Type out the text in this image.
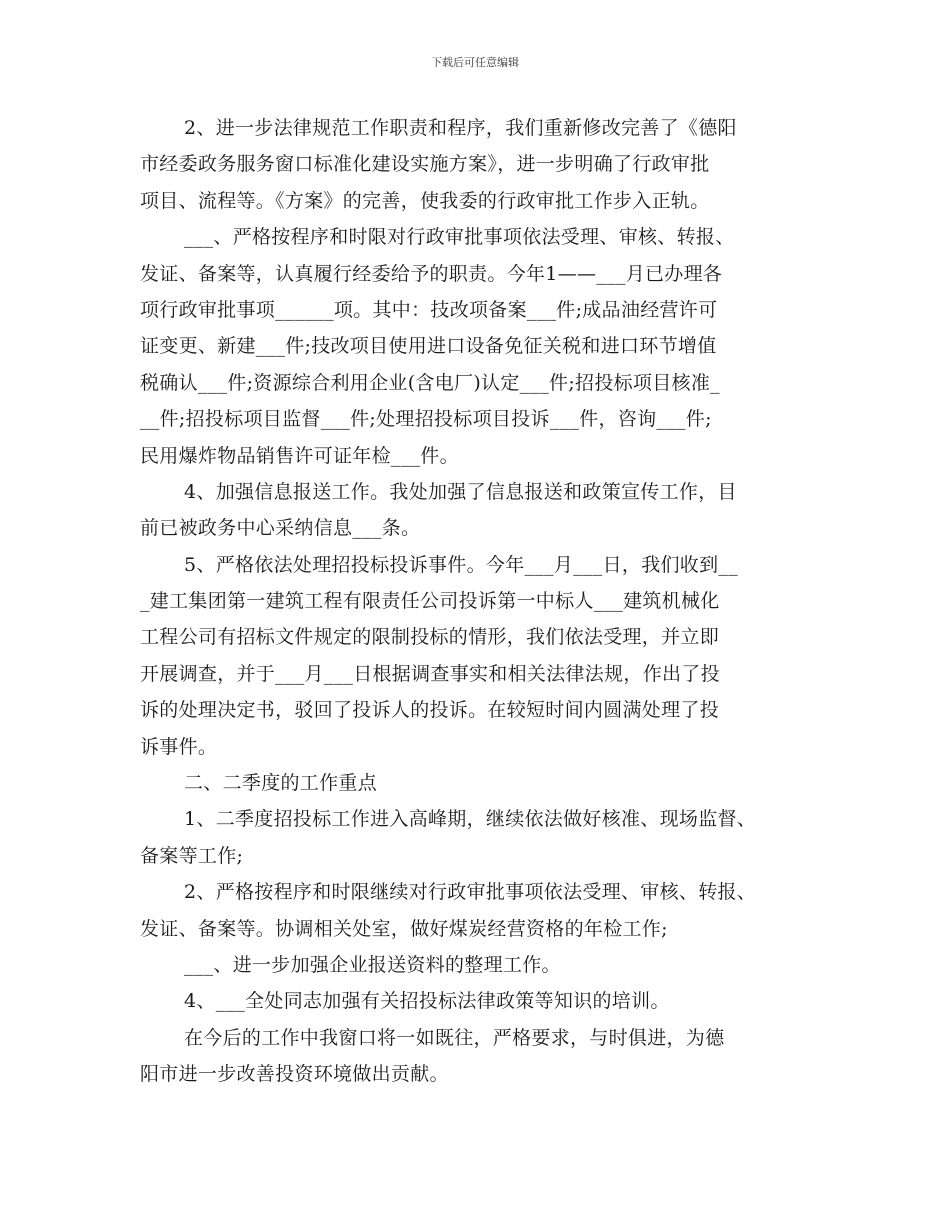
下载后可任意编辑
2、进一步法律规范工作职责和程序，我们重新修改完善了《德阳
市经委政务服务窗口标准化建设实施方案》，进一步明确了行政审批
项目、流程等。《方案》的完善，使我委的行政审批工作步入正轨。
___、严格按程序和时限对行政审批事项依法受理、审核、转报、
发证、备案等，认真履行经委给予的职责。今年1——___月已办理各
项行政审批事项______项。其中：技改项备案___件;成品油经营许可
证变更、新建___件;技改项目使用进口设备免征关税和进口环节增值
税确认___件;资源综合利用企业(含电厂)认定___件;招投标项目核准_
__件;招投标项目监督___件;处理招投标项目投诉___件，咨询___件;
民用爆炸物品销售许可证年检___件。
4、加强信息报送工作。我处加强了信息报送和政策宣传工作，目
前已被政务中心采纳信息___条。
5、严格依法处理招投标投诉事件。今年___月___日，我们收到__
_建工集团第一建筑工程有限责任公司投诉第一中标人___建筑机械化
工程公司有招标文件规定的限制投标的情形，我们依法受理，并立即
开展调查，并于___月___日根据调查事实和相关法律法规，作出了投
诉的处理决定书，驳回了投诉人的投诉。在较短时间内圆满处理了投
诉事件。
二、二季度的工作重点
1、二季度招投标工作进入高峰期，继续依法做好核准、现场监督、
备案等工作;
2、严格按程序和时限继续对行政审批事项依法受理、审核、转报、
发证、备案等。协调相关处室，做好煤炭经营资格的年检工作;
___、进一步加强企业报送资料的整理工作。
4、___全处同志加强有关招投标法律政策等知识的培训。
在今后的工作中我窗口将一如既往，严格要求，与时俱进，为德
阳市进一步改善投资环境做出贡献。
